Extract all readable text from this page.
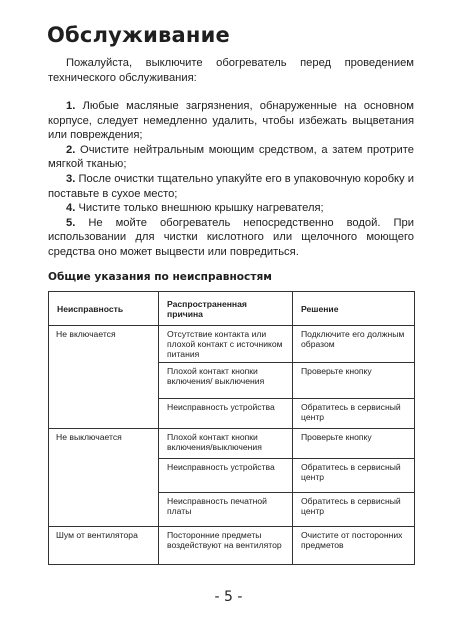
Обслуживание
Пожалуйста, выключите обогреватель перед проведением технического обслуживания:

1. Любые масляные загрязнения, обнаруженные на основном корпусе, следует немедленно удалить, чтобы избежать выцветания или повреждения;

2. Очистите нейтральным моющим средством, а затем протрите мягкой тканью;

3. После очистки тщательно упакуйте его в упаковочную коробку и поставьте в сухое место;

4. Чистите только внешнюю крышку нагревателя;

5. Не мойте обогреватель непосредственно водой. При использовании для чистки кислотного или щелочного моющего средства оно может выцвести или повредиться.

Общие указания по неисправностям
Неисправность	Распространенная причина	Решение

Не включается	Отсутствие контакта или плохой контакт с источником питания	Подключите его должным образом

	Плохой контакт кнопки включения/ выключения	Проверьте кнопку

	Неисправность устройства	Обратитесь в сервисный центр

Не выключается	Плохой контакт кнопки включения/выключения	Проверьте кнопку

	Неисправность устройства	Обратитесь в сервисный центр

	Неисправность печатной платы	Обратитесь в сервисный центр

Шум от вентилятора	Посторонние предметы воздействуют на вентилятор	Очистите от посторонних предметов
- 5 -
